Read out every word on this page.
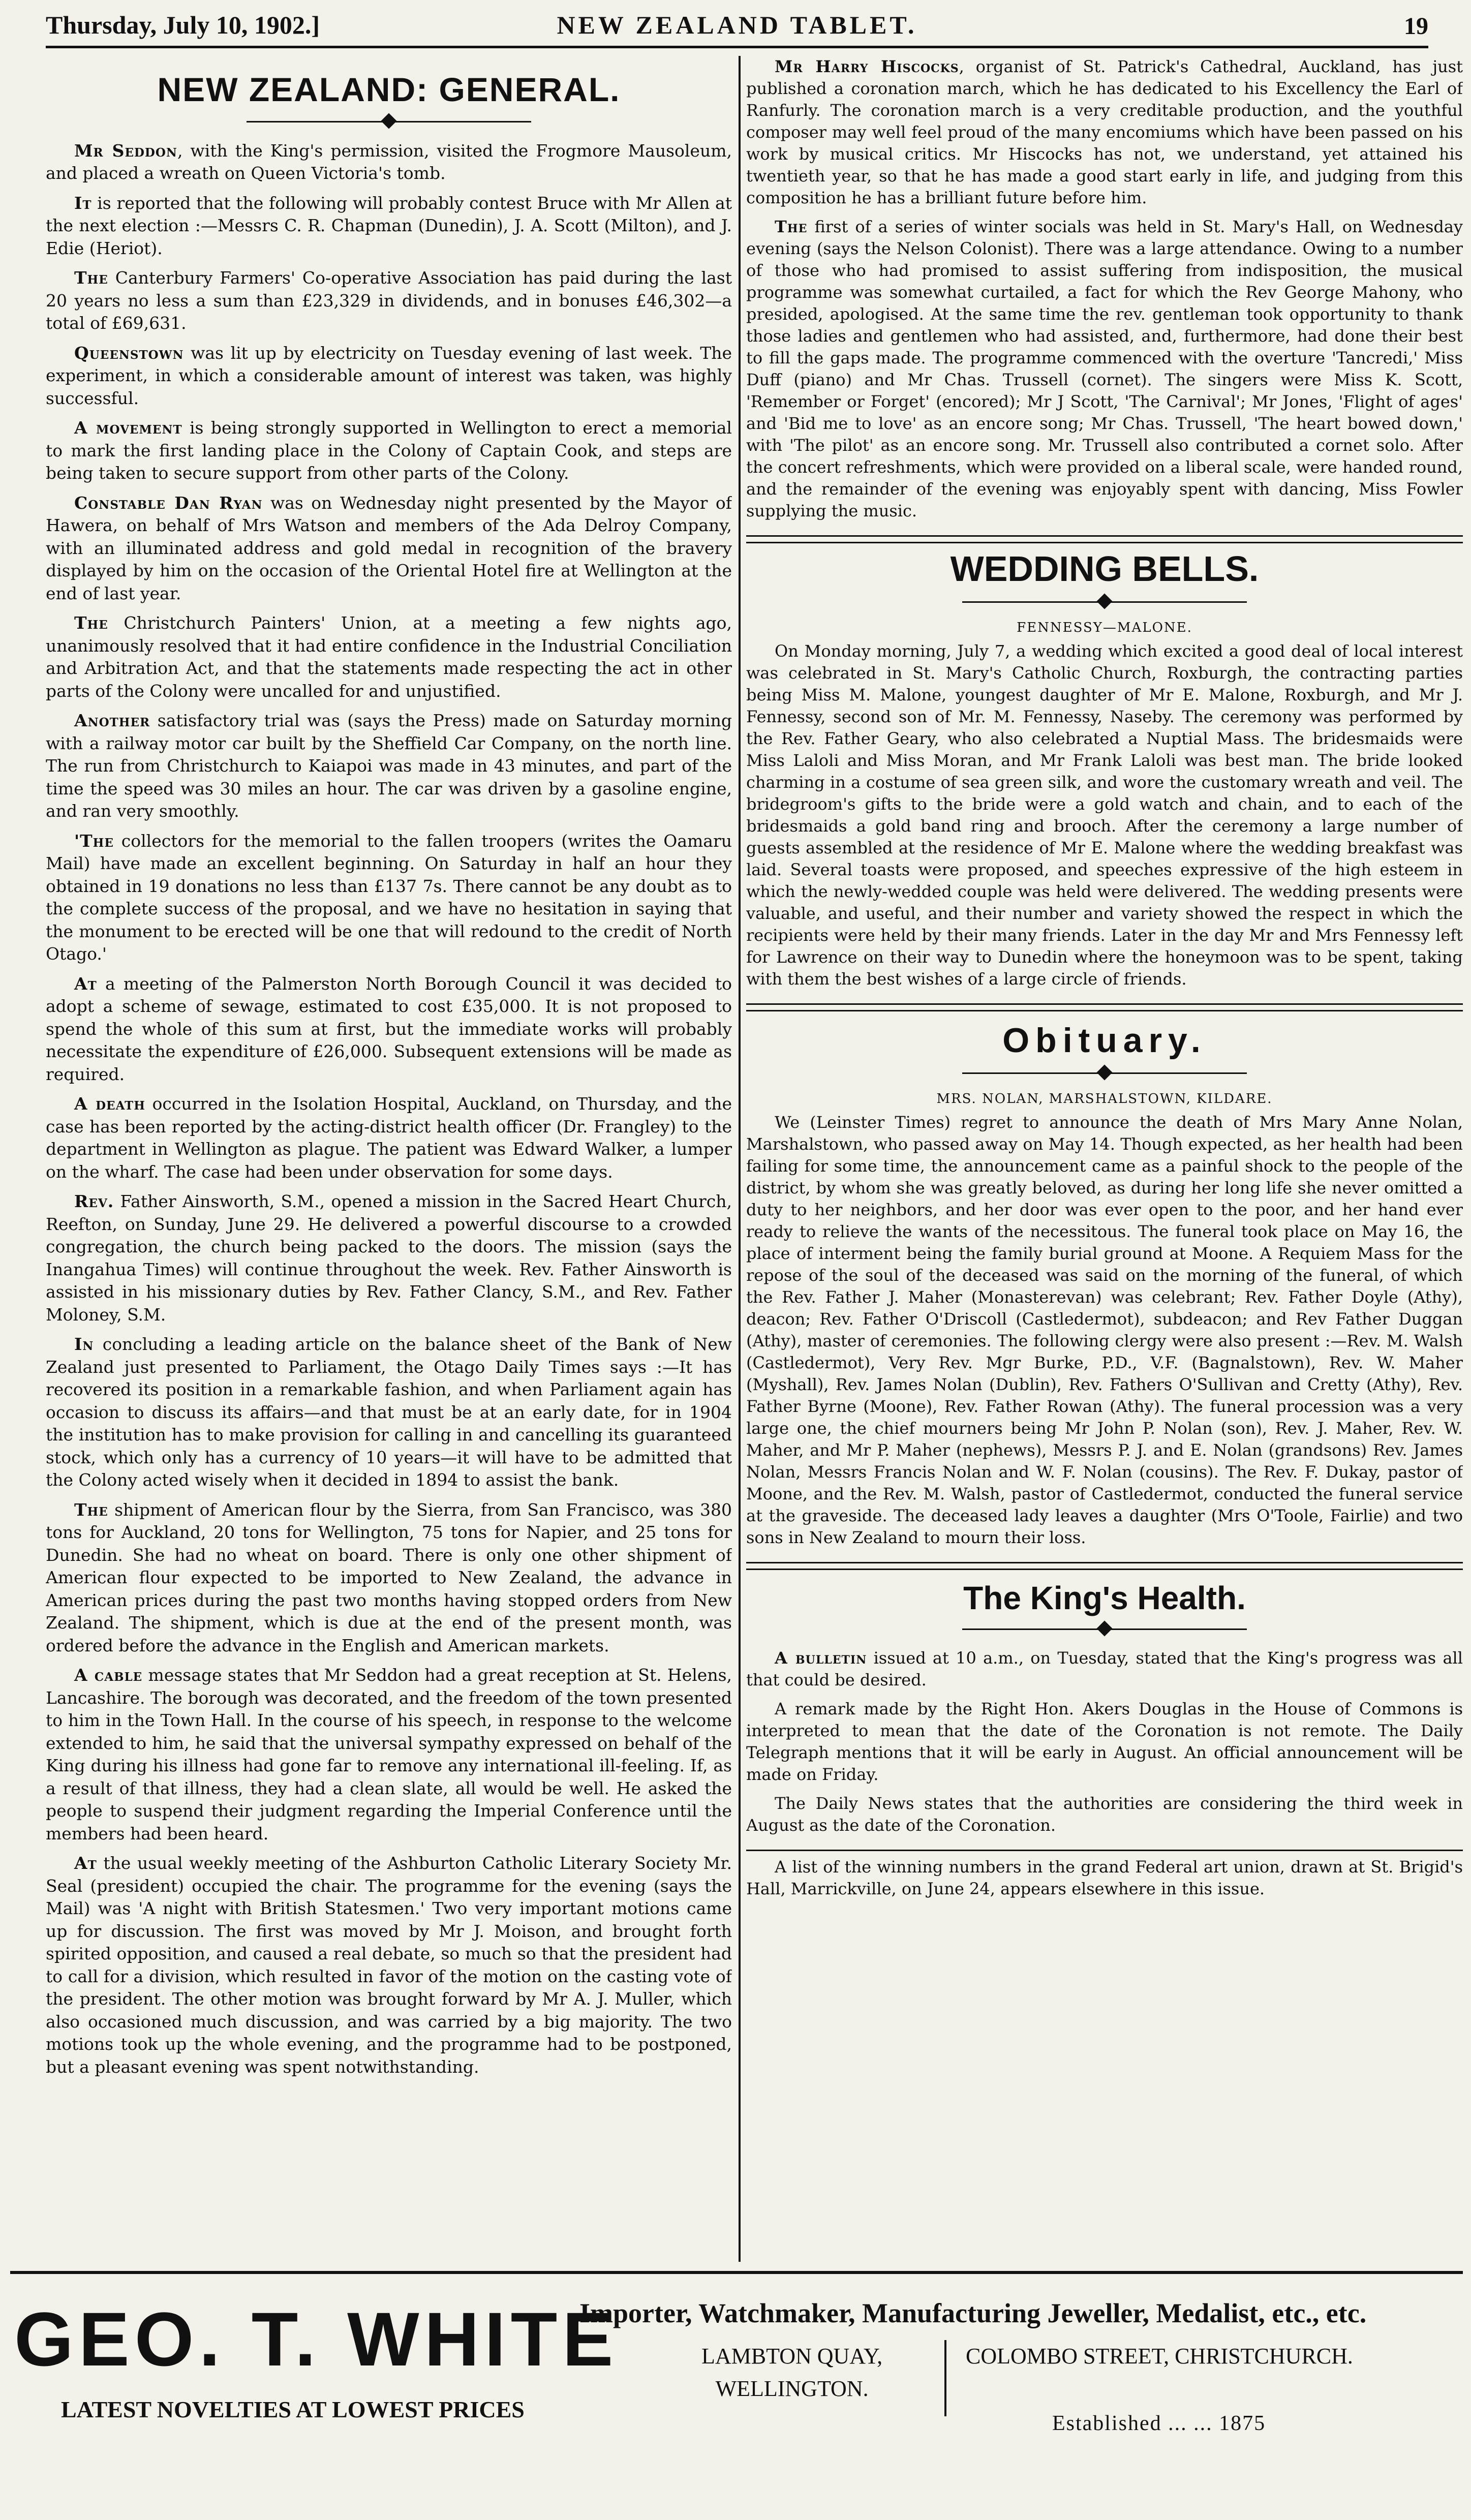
Thursday, July 10, 1902.]	NEW ZEALAND TABLET.	19
NEW ZEALAND: GENERAL.

Mr Seddon, with the King's permission, visited the Frogmore Mausoleum, and placed a wreath on Queen Victoria's tomb.

It is reported that the following will probably contest Bruce with Mr Allen at the next election :—Messrs C. R. Chapman (Dunedin), J. A. Scott (Milton), and J. Edie (Heriot).

The Canterbury Farmers' Co-operative Association has paid during the last 20 years no less a sum than £23,329 in dividends, and in bonuses £46,302—a total of £69,631.

Queenstown was lit up by electricity on Tuesday evening of last week. The experiment, in which a considerable amount of interest was taken, was highly successful.

A movement is being strongly supported in Wellington to erect a memorial to mark the first landing place in the Colony of Captain Cook, and steps are being taken to secure support from other parts of the Colony.

Constable Dan Ryan was on Wednesday night presented by the Mayor of Hawera, on behalf of Mrs Watson and members of the Ada Delroy Company, with an illuminated address and gold medal in recognition of the bravery displayed by him on the occasion of the Oriental Hotel fire at Wellington at the end of last year.

The Christchurch Painters' Union, at a meeting a few nights ago, unanimously resolved that it had entire confidence in the Industrial Conciliation and Arbitration Act, and that the statements made respecting the act in other parts of the Colony were uncalled for and unjustified.

Another satisfactory trial was (says the Press) made on Saturday morning with a railway motor car built by the Sheffield Car Company, on the north line. The run from Christchurch to Kaiapoi was made in 43 minutes, and part of the time the speed was 30 miles an hour. The car was driven by a gasoline engine, and ran very smoothly.

'The collectors for the memorial to the fallen troopers (writes the Oamaru Mail) have made an excellent beginning. On Saturday in half an hour they obtained in 19 donations no less than £137 7s. There cannot be any doubt as to the complete success of the proposal, and we have no hesitation in saying that the monument to be erected will be one that will redound to the credit of North Otago.'

At a meeting of the Palmerston North Borough Council it was decided to adopt a scheme of sewage, estimated to cost £35,000. It is not proposed to spend the whole of this sum at first, but the immediate works will probably necessitate the expenditure of £26,000. Subsequent extensions will be made as required.

A death occurred in the Isolation Hospital, Auckland, on Thursday, and the case has been reported by the acting-district health officer (Dr. Frangley) to the department in Wellington as plague. The patient was Edward Walker, a lumper on the wharf. The case had been under observation for some days.

Rev. Father Ainsworth, S.M., opened a mission in the Sacred Heart Church, Reefton, on Sunday, June 29. He delivered a powerful discourse to a crowded congregation, the church being packed to the doors. The mission (says the Inangahua Times) will continue throughout the week. Rev. Father Ainsworth is assisted in his missionary duties by Rev. Father Clancy, S.M., and Rev. Father Moloney, S.M.

In concluding a leading article on the balance sheet of the Bank of New Zealand just presented to Parliament, the Otago Daily Times says :—It has recovered its position in a remarkable fashion, and when Parliament again has occasion to discuss its affairs—and that must be at an early date, for in 1904 the institution has to make provision for calling in and cancelling its guaranteed stock, which only has a currency of 10 years—it will have to be admitted that the Colony acted wisely when it decided in 1894 to assist the bank.

The shipment of American flour by the Sierra, from San Francisco, was 380 tons for Auckland, 20 tons for Wellington, 75 tons for Napier, and 25 tons for Dunedin. She had no wheat on board. There is only one other shipment of American flour expected to be imported to New Zealand, the advance in American prices during the past two months having stopped orders from New Zealand. The shipment, which is due at the end of the present month, was ordered before the advance in the English and American markets.

A cable message states that Mr Seddon had a great reception at St. Helens, Lancashire. The borough was decorated, and the freedom of the town presented to him in the Town Hall. In the course of his speech, in response to the welcome extended to him, he said that the universal sympathy expressed on behalf of the King during his illness had gone far to remove any international ill-feeling. If, as a result of that illness, they had a clean slate, all would be well. He asked the people to suspend their judgment regarding the Imperial Conference until the members had been heard.

At the usual weekly meeting of the Ashburton Catholic Literary Society Mr. Seal (president) occupied the chair. The programme for the evening (says the Mail) was 'A night with British Statesmen.' Two very important motions came up for discussion. The first was moved by Mr J. Moison, and brought forth spirited opposition, and caused a real debate, so much so that the president had to call for a division, which resulted in favor of the motion on the casting vote of the president. The other motion was brought forward by Mr A. J. Muller, which also occasioned much discussion, and was carried by a big majority. The two motions took up the whole evening, and the programme had to be postponed, but a pleasant evening was spent notwithstanding.

Mr Harry Hiscocks, organist of St. Patrick's Cathedral, Auckland, has just published a coronation march, which he has dedicated to his Excellency the Earl of Ranfurly. The coronation march is a very creditable production, and the youthful composer may well feel proud of the many encomiums which have been passed on his work by musical critics. Mr Hiscocks has not, we understand, yet attained his twentieth year, so that he has made a good start early in life, and judging from this composition he has a brilliant future before him.

The first of a series of winter socials was held in St. Mary's Hall, on Wednesday evening (says the Nelson Colonist). There was a large attendance. Owing to a number of those who had promised to assist suffering from indisposition, the musical programme was somewhat curtailed, a fact for which the Rev George Mahony, who presided, apologised. At the same time the rev. gentleman took opportunity to thank those ladies and gentlemen who had assisted, and, furthermore, had done their best to fill the gaps made. The programme commenced with the overture 'Tancredi,' Miss Duff (piano) and Mr Chas. Trussell (cornet). The singers were Miss K. Scott, 'Remember or Forget' (encored); Mr J Scott, 'The Carnival'; Mr Jones, 'Flight of ages' and 'Bid me to love' as an encore song; Mr Chas. Trussell, 'The heart bowed down,' with 'The pilot' as an encore song. Mr. Trussell also contributed a cornet solo. After the concert refreshments, which were provided on a liberal scale, were handed round, and the remainder of the evening was enjoyably spent with dancing, Miss Fowler supplying the music.

WEDDING BELLS.
FENNESSY—MALONE.

On Monday morning, July 7, a wedding which excited a good deal of local interest was celebrated in St. Mary's Catholic Church, Roxburgh, the contracting parties being Miss M. Malone, youngest daughter of Mr E. Malone, Roxburgh, and Mr J. Fennessy, second son of Mr. M. Fennessy, Naseby. The ceremony was performed by the Rev. Father Geary, who also celebrated a Nuptial Mass. The bridesmaids were Miss Laloli and Miss Moran, and Mr Frank Laloli was best man. The bride looked charming in a costume of sea green silk, and wore the customary wreath and veil. The bridegroom's gifts to the bride were a gold watch and chain, and to each of the bridesmaids a gold band ring and brooch. After the ceremony a large number of guests assembled at the residence of Mr E. Malone where the wedding breakfast was laid. Several toasts were proposed, and speeches expressive of the high esteem in which the newly-wedded couple was held were delivered. The wedding presents were valuable, and useful, and their number and variety showed the respect in which the recipients were held by their many friends. Later in the day Mr and Mrs Fennessy left for Lawrence on their way to Dunedin where the honeymoon was to be spent, taking with them the best wishes of a large circle of friends.

Obituary.
MRS. NOLAN, MARSHALSTOWN, KILDARE.

We (Leinster Times) regret to announce the death of Mrs Mary Anne Nolan, Marshalstown, who passed away on May 14. Though expected, as her health had been failing for some time, the announcement came as a painful shock to the people of the district, by whom she was greatly beloved, as during her long life she never omitted a duty to her neighbors, and her door was ever open to the poor, and her hand ever ready to relieve the wants of the necessitous. The funeral took place on May 16, the place of interment being the family burial ground at Moone. A Requiem Mass for the repose of the soul of the deceased was said on the morning of the funeral, of which the Rev. Father J. Maher (Monasterevan) was celebrant; Rev. Father Doyle (Athy), deacon; Rev. Father O'Driscoll (Castledermot), subdeacon; and Rev Father Duggan (Athy), master of ceremonies. The following clergy were also present :—Rev. M. Walsh (Castledermot), Very Rev. Mgr Burke, P.D., V.F. (Bagnalstown), Rev. W. Maher (Myshall), Rev. James Nolan (Dublin), Rev. Fathers O'Sullivan and Cretty (Athy), Rev. Father Byrne (Moone), Rev. Father Rowan (Athy). The funeral procession was a very large one, the chief mourners being Mr John P. Nolan (son), Rev. J. Maher, Rev. W. Maher, and Mr P. Maher (nephews), Messrs P. J. and E. Nolan (grandsons) Rev. James Nolan, Messrs Francis Nolan and W. F. Nolan (cousins). The Rev. F. Dukay, pastor of Moone, and the Rev. M. Walsh, pastor of Castledermot, conducted the funeral service at the graveside. The deceased lady leaves a daughter (Mrs O'Toole, Fairlie) and two sons in New Zealand to mourn their loss.

The King's Health.

A bulletin issued at 10 a.m., on Tuesday, stated that the King's progress was all that could be desired.

A remark made by the Right Hon. Akers Douglas in the House of Commons is interpreted to mean that the date of the Coronation is not remote. The Daily Telegraph mentions that it will be early in August. An official announcement will be made on Friday.

The Daily News states that the authorities are considering the third week in August as the date of the Coronation.

A list of the winning numbers in the grand Federal art union, drawn at St. Brigid's Hall, Marrickville, on June 24, appears elsewhere in this issue.

GEO. T. WHITE
LATEST NOVELTIES AT LOWEST PRICES
Importer, Watchmaker, Manufacturing Jeweller, Medalist, etc., etc.
LAMBTON QUAY,
WELLINGTON.
COLOMBO STREET, CHRISTCHURCH.
Established ... ... 1875
